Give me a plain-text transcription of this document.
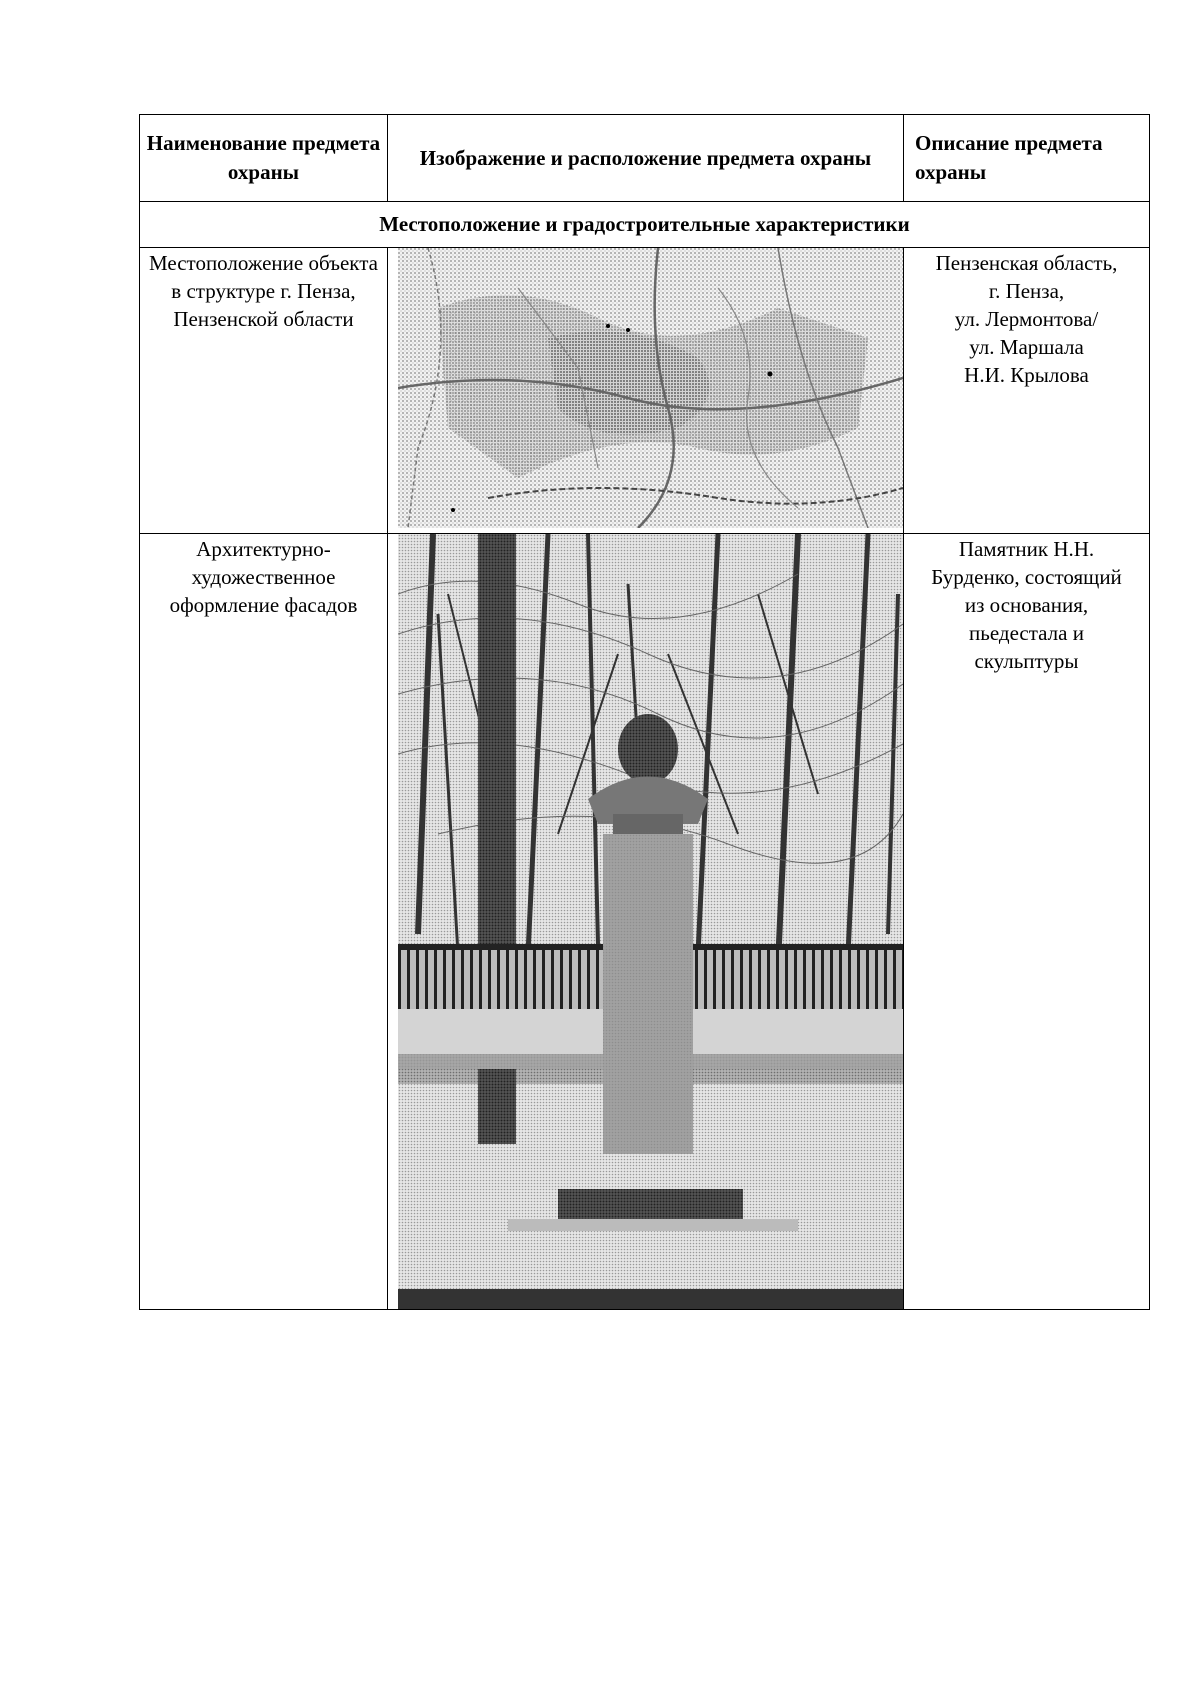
Наименование предмета охраны	Изображение и расположение предмета охраны	Описание предмета охраны
Местоположение и градостроительные характеристики		

Местоположение объекта в структуре г. Пенза, Пензенской области		Пензенская область,
г. Пенза,
ул. Лермонтова/
ул. Маршала
Н.И. Крылова

Архитектурно-художественное оформление фасадов		Памятник Н.Н.
Бурденко, состоящий
из основания,
пьедестала и
скульптуры
